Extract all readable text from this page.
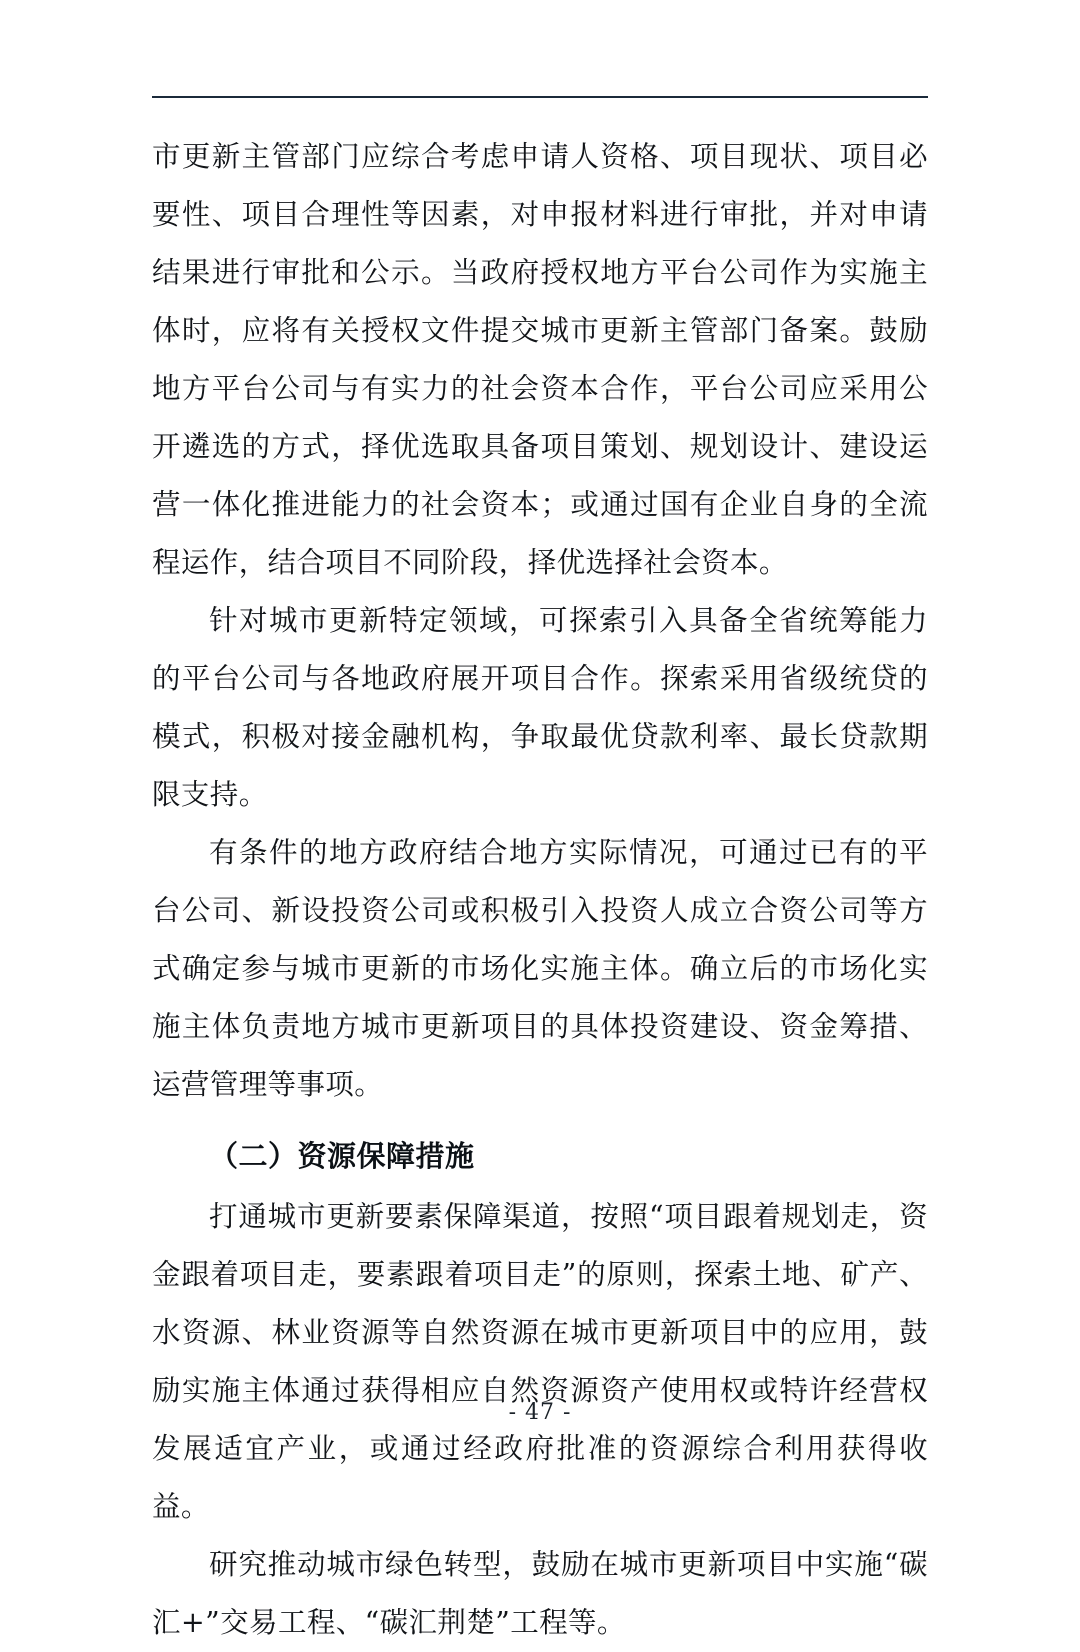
市更新主管部门应综合考虑申请人资格、项目现状、项目必要性、项目合理性等因素，对申报材料进行审批，并对申请结果进行审批和公示。当政府授权地方平台公司作为实施主体时，应将有关授权文件提交城市更新主管部门备案。鼓励地方平台公司与有实力的社会资本合作，平台公司应采用公开遴选的方式，择优选取具备项目策划、规划设计、建设运营一体化推进能力的社会资本；或通过国有企业自身的全流程运作，结合项目不同阶段，择优选择社会资本。

针对城市更新特定领域，可探索引入具备全省统筹能力的平台公司与各地政府展开项目合作。探索采用省级统贷的模式，积极对接金融机构，争取最优贷款利率、最长贷款期限支持。

有条件的地方政府结合地方实际情况，可通过已有的平台公司、新设投资公司或积极引入投资人成立合资公司等方式确定参与城市更新的市场化实施主体。确立后的市场化实施主体负责地方城市更新项目的具体投资建设、资金筹措、运营管理等事项。

（二）资源保障措施

打通城市更新要素保障渠道，按照“项目跟着规划走，资金跟着项目走，要素跟着项目走”的原则，探索土地、矿产、水资源、林业资源等自然资源在城市更新项目中的应用，鼓励实施主体通过获得相应自然资源资产使用权或特许经营权发展适宜产业，或通过经政府批准的资源综合利用获得收益。

研究推动城市绿色转型，鼓励在城市更新项目中实施“碳汇+”交易工程、“碳汇荆楚”工程等。

- 47 -
